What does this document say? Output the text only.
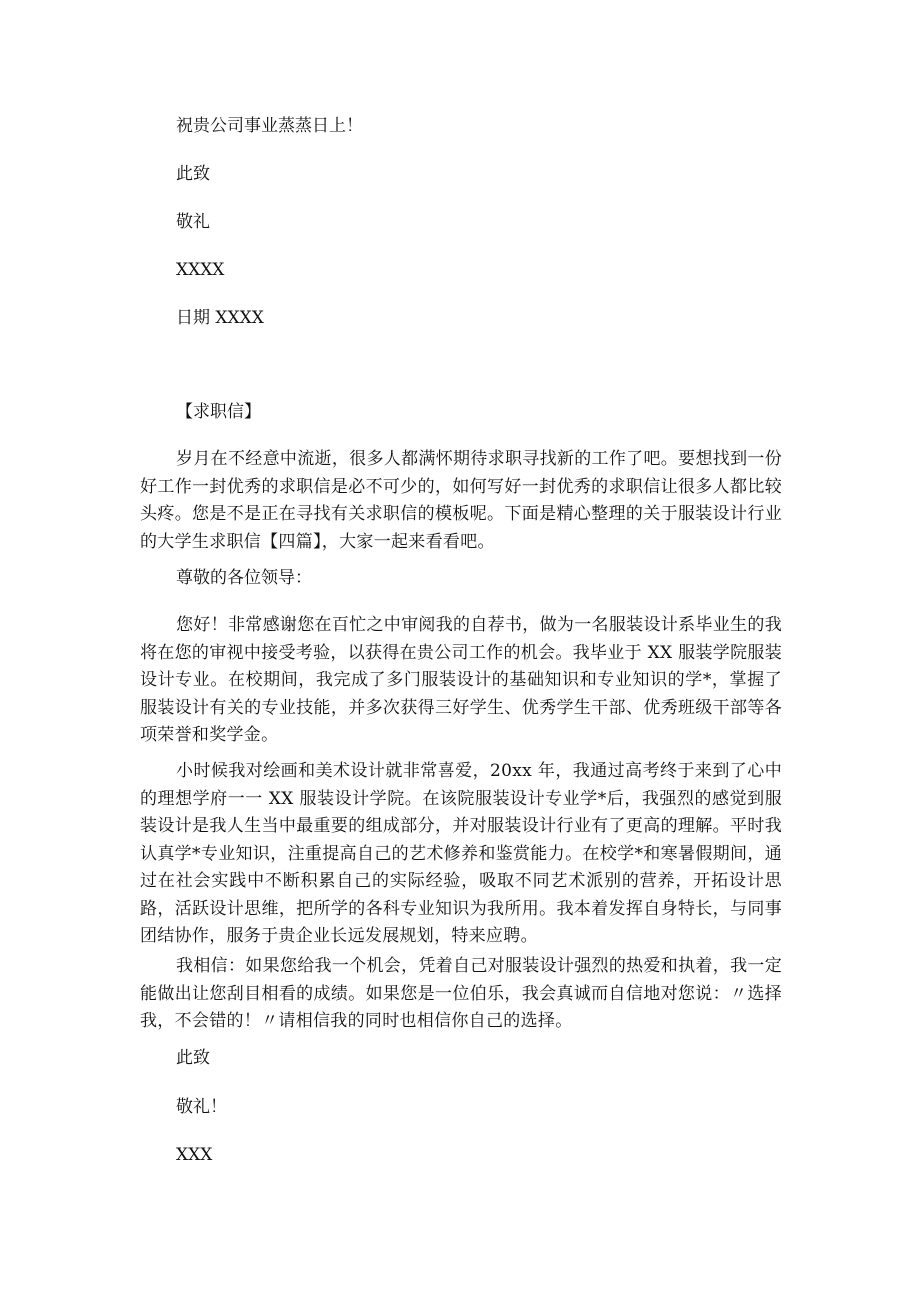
祝贵公司事业蒸蒸日上！
此致
敬礼
XXXX
日期 XXXX
【求职信】
岁月在不经意中流逝，很多人都满怀期待求职寻找新的工作了吧。要想找到一份好工作一封优秀的求职信是必不可少的，如何写好一封优秀的求职信让很多人都比较头疼。您是不是正在寻找有关求职信的模板呢。下面是精心整理的关于服装设计行业的大学生求职信【四篇】，大家一起来看看吧。
尊敬的各位领导：
您好！非常感谢您在百忙之中审阅我的自荐书，做为一名服装设计系毕业生的我将在您的审视中接受考验，以获得在贵公司工作的机会。我毕业于 XX 服装学院服装设计专业。在校期间，我完成了多门服装设计的基础知识和专业知识的学*，掌握了服装设计有关的专业技能，并多次获得三好学生、优秀学生干部、优秀班级干部等各项荣誉和奖学金。
小时候我对绘画和美术设计就非常喜爱，20xx 年，我通过高考终于来到了心中的理想学府一一 XX 服装设计学院。在该院服装设计专业学*后，我强烈的感觉到服装设计是我人生当中最重要的组成部分，并对服装设计行业有了更高的理解。平时我认真学*专业知识，注重提高自己的艺术修养和鉴赏能力。在校学*和寒暑假期间，通过在社会实践中不断积累自己的实际经验，吸取不同艺术派别的营养，开拓设计思路，活跃设计思维，把所学的各科专业知识为我所用。我本着发挥自身特长，与同事团结协作，服务于贵企业长远发展规划，特来应聘。
我相信：如果您给我一个机会，凭着自己对服装设计强烈的热爱和执着，我一定能做出让您刮目相看的成绩。如果您是一位伯乐，我会真诚而自信地对您说：〃选择我，不会错的！〃请相信我的同时也相信你自己的选择。
此致
敬礼！
XXX
